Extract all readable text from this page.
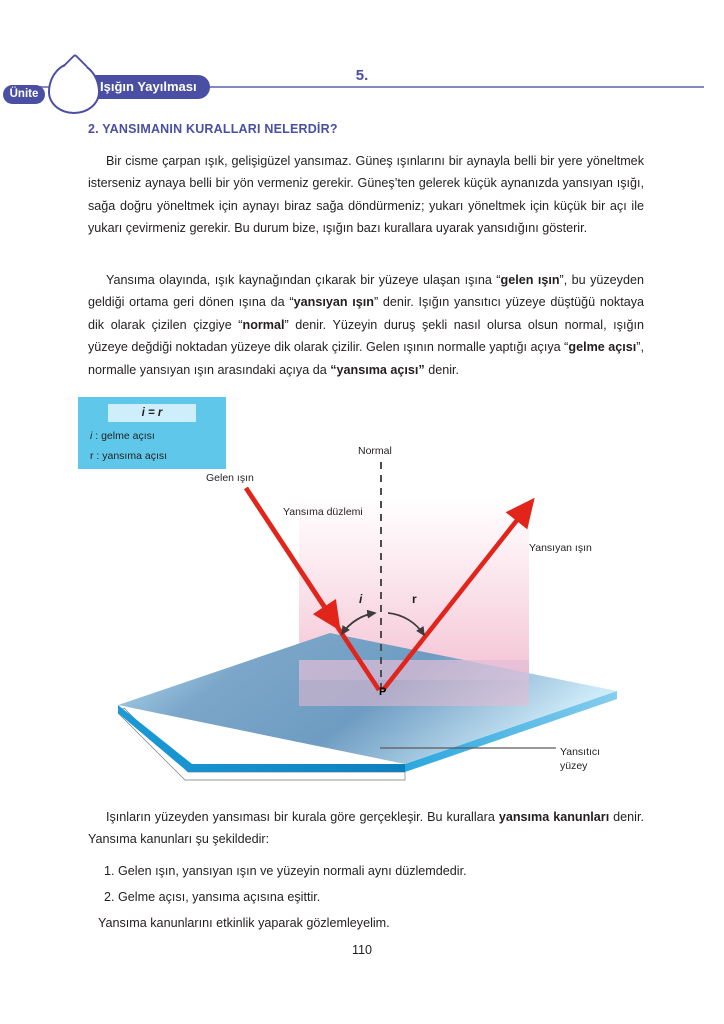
5.
Ünite	Işığın Yayılması
2. YANSIMANIN KURALLARI NELERDİR?

Bir cisme çarpan ışık, gelişigüzel yansımaz. Güneş ışınlarını bir aynayla belli bir yere yöneltmek isterseniz aynaya belli bir yön vermeniz gerekir. Güneş’ten gelerek küçük aynanızda yansıyan ışığı, sağa doğru yöneltmek için aynayı biraz sağa döndürmeniz; yukarı yöneltmek için küçük bir açı ile yukarı çevirmeniz gerekir. Bu durum bize, ışığın bazı kurallara uyarak yansıdığını gösterir.

Yansıma olayında, ışık kaynağından çıkarak bir yüzeye ulaşan ışına “gelen ışın”, bu yüzeyden geldiği ortama geri dönen ışına da “yansıyan ışın” denir. Işığın yansıtıcı yüzeye düştüğü noktaya dik olarak çizilen çizgiye “normal” denir. Yüzeyin duruş şekli nasıl olursa olsun normal, ışığın yüzeye değdiği noktadan yüzeye dik olarak çizilir. Gelen ışının normalle yaptığı açıya “gelme açısı”, normalle yansıyan ışın arasındaki açıya da “yansıma açısı” denir.

Işınların yüzeyden yansıması bir kurala göre gerçekleşir. Bu kurallara yansıma kanunları denir. Yansıma kanunları şu şekildedir:

1. Gelen ışın, yansıyan ışın ve yüzeyin normali aynı düzlemdedir.

2. Gelme açısı, yansıma açısına eşittir.

Yansıma kanunlarını etkinlik yaparak gözlemleyelim.

i = r
i : gelme açısı
r : yansıma açısı	Normal
Gelen ışın
Yansıma düzlemi
Yansıyan ışın
Yansıtıcı
yüzey
i	r
P
110
